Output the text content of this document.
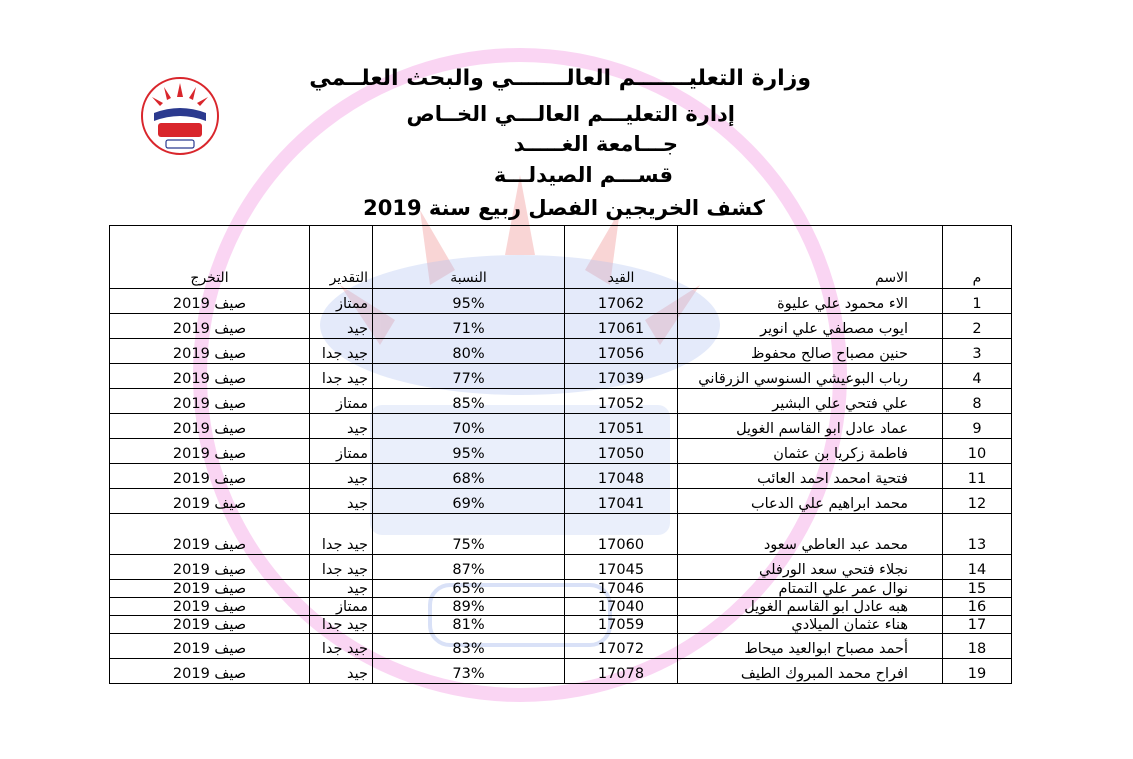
وزارة التعليـــــــم العالـــــــي والبحث العلــمي
إدارة التعليـــم العالـــي الخــاص
جـــامعة الغـــــد
قســـم الصيدلـــة
كشف الخريجين الفصل ربيع سنة 2019
التخرج	التقدير	النسبة	القيد	الاسم	م
صيف 2019	ممتاز	95%	17062	الاء محمود علي عليوة	1
صيف 2019	جيد	71%	17061	ايوب مصطفي علي انوير	2
صيف 2019	جيد جدا	80%	17056	حنين مصباح صالح محفوظ	3
صيف 2019	جيد جدا	77%	17039	رباب البوعيشي السنوسي الزرقاني	4
صيف 2019	ممتاز	85%	17052	علي فتحي علي البشير	8
صيف 2019	جيد	70%	17051	عماد عادل ابو القاسم الغويل	9
صيف 2019	ممتاز	95%	17050	فاطمة زكريا بن عثمان	10
صيف 2019	جيد	68%	17048	فتحية امحمد احمد العائب	11
صيف 2019	جيد	69%	17041	محمد ابراهيم علي الدعاب	12
صيف 2019	جيد جدا	75%	17060	محمد عبد العاطي سعود	13
صيف 2019	جيد جدا	87%	17045	نجلاء فتحي سعد الورفلي	14
صيف 2019	جيد	65%	17046	نوال عمر علي التمتام	15
صيف 2019	ممتاز	89%	17040	هبه عادل ابو القاسم الغويل	16
صيف 2019	جيد جدا	81%	17059	هناء عثمان الميلادي	17
صيف 2019	جيد جدا	83%	17072	أحمد مصباح ابوالعيد ميحاط	18
صيف 2019	جيد	73%	17078	افراح محمد المبروك الطيف	19
